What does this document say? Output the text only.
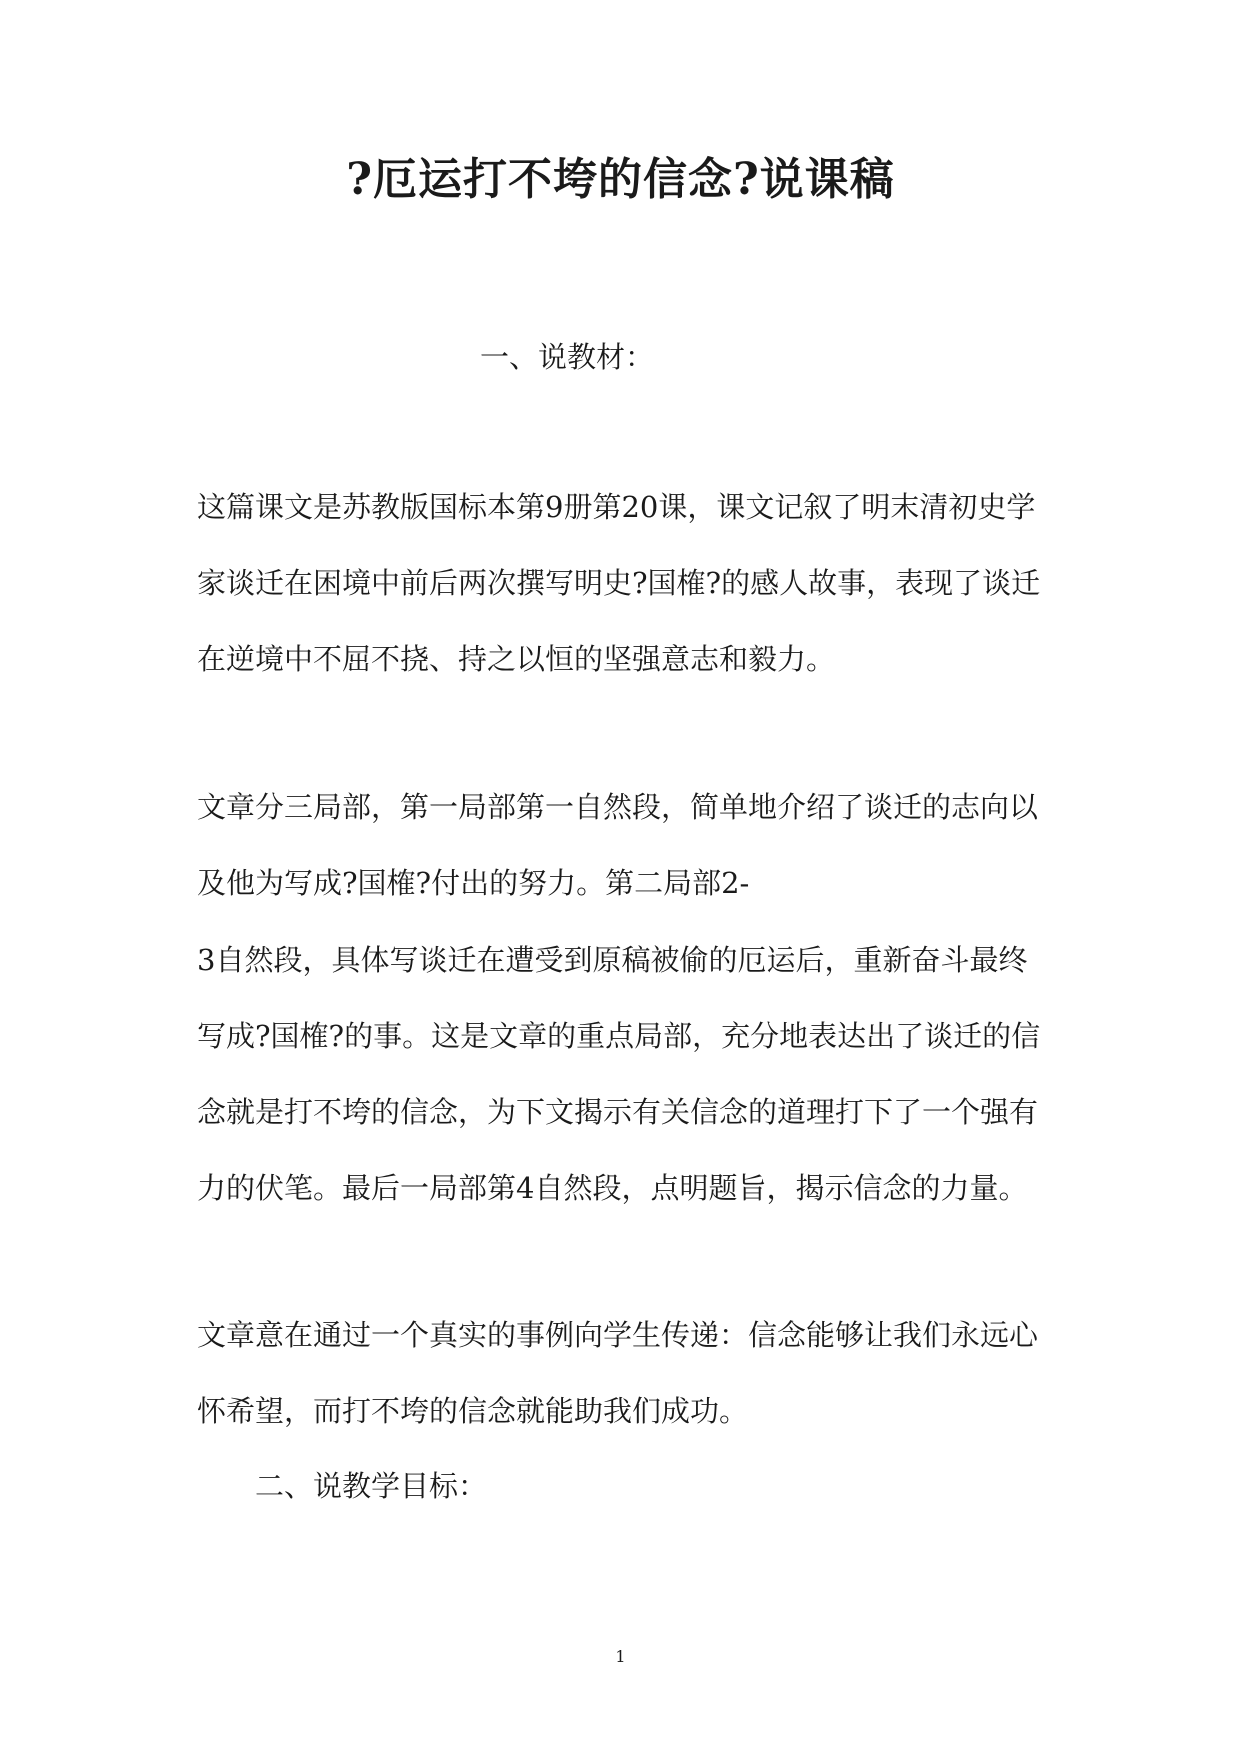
?厄运打不垮的信念?说课稿
一、说教材：
这篇课文是苏教版国标本第9册第20课，课文记叙了明末清初史学
家谈迁在困境中前后两次撰写明史?国榷?的感人故事，表现了谈迁
在逆境中不屈不挠、持之以恒的坚强意志和毅力。
文章分三局部，第一局部第一自然段，简单地介绍了谈迁的志向以
及他为写成?国榷?付出的努力。第二局部2-
3自然段，具体写谈迁在遭受到原稿被偷的厄运后，重新奋斗最终
写成?国榷?的事。这是文章的重点局部，充分地表达出了谈迁的信
念就是打不垮的信念，为下文揭示有关信念的道理打下了一个强有
力的伏笔。最后一局部第4自然段，点明题旨，揭示信念的力量。
文章意在通过一个真实的事例向学生传递：信念能够让我们永远心
怀希望，而打不垮的信念就能助我们成功。
二、说教学目标：
1
